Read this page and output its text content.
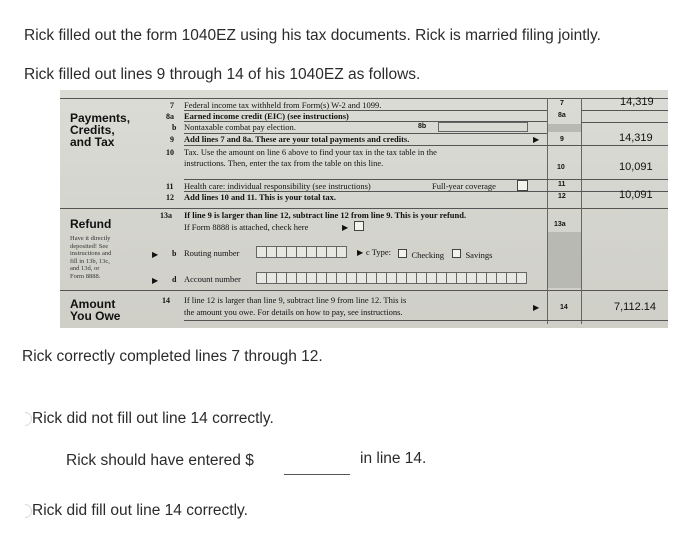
Rick filled out the form 1040EZ using his tax documents. Rick is married filing jointly.
Rick filled out lines 9 through 14 of his 1040EZ as follows.
Payments,
Credits,
and Tax
Refund
Have it directly
deposited! See
instructions and
fill in 13b, 13c,
and 13d, or
Form 8888.
Amount
You Owe
7 Federal income tax withheld from Form(s) W-2 and 1099.	7	14,319
8a Earned income credit (EIC) (see instructions)	8a
b Nontaxable combat pay election.	8b
9 Add lines 7 and 8a. These are your total payments and credits.	▶	9	14,319
10 Tax. Use the amount on line 6 above to find your tax in the tax table in the
instructions. Then, enter the tax from the table on this line.	10	10,091
11 Health care: individual responsibility (see instructions)	Full-year coverage	11
12 Add lines 10 and 11. This is your total tax.	12	10,091
13a If line 9 is larger than line 12, subtract line 12 from line 9. This is your refund.
If Form 8888 is attached, check here	▶	13a
▶ b Routing number	▶ c Type:	Checking	Savings
▶ d Account number
14 If line 12 is larger than line 9, subtract line 9 from line 12. This is
the amount you owe. For details on how to pay, see instructions.	▶	14	7,112.14
Rick correctly completed lines 7 through 12.
Rick did not fill out line 14 correctly.
Rick should have entered $	in line 14.
Rick did fill out line 14 correctly.
